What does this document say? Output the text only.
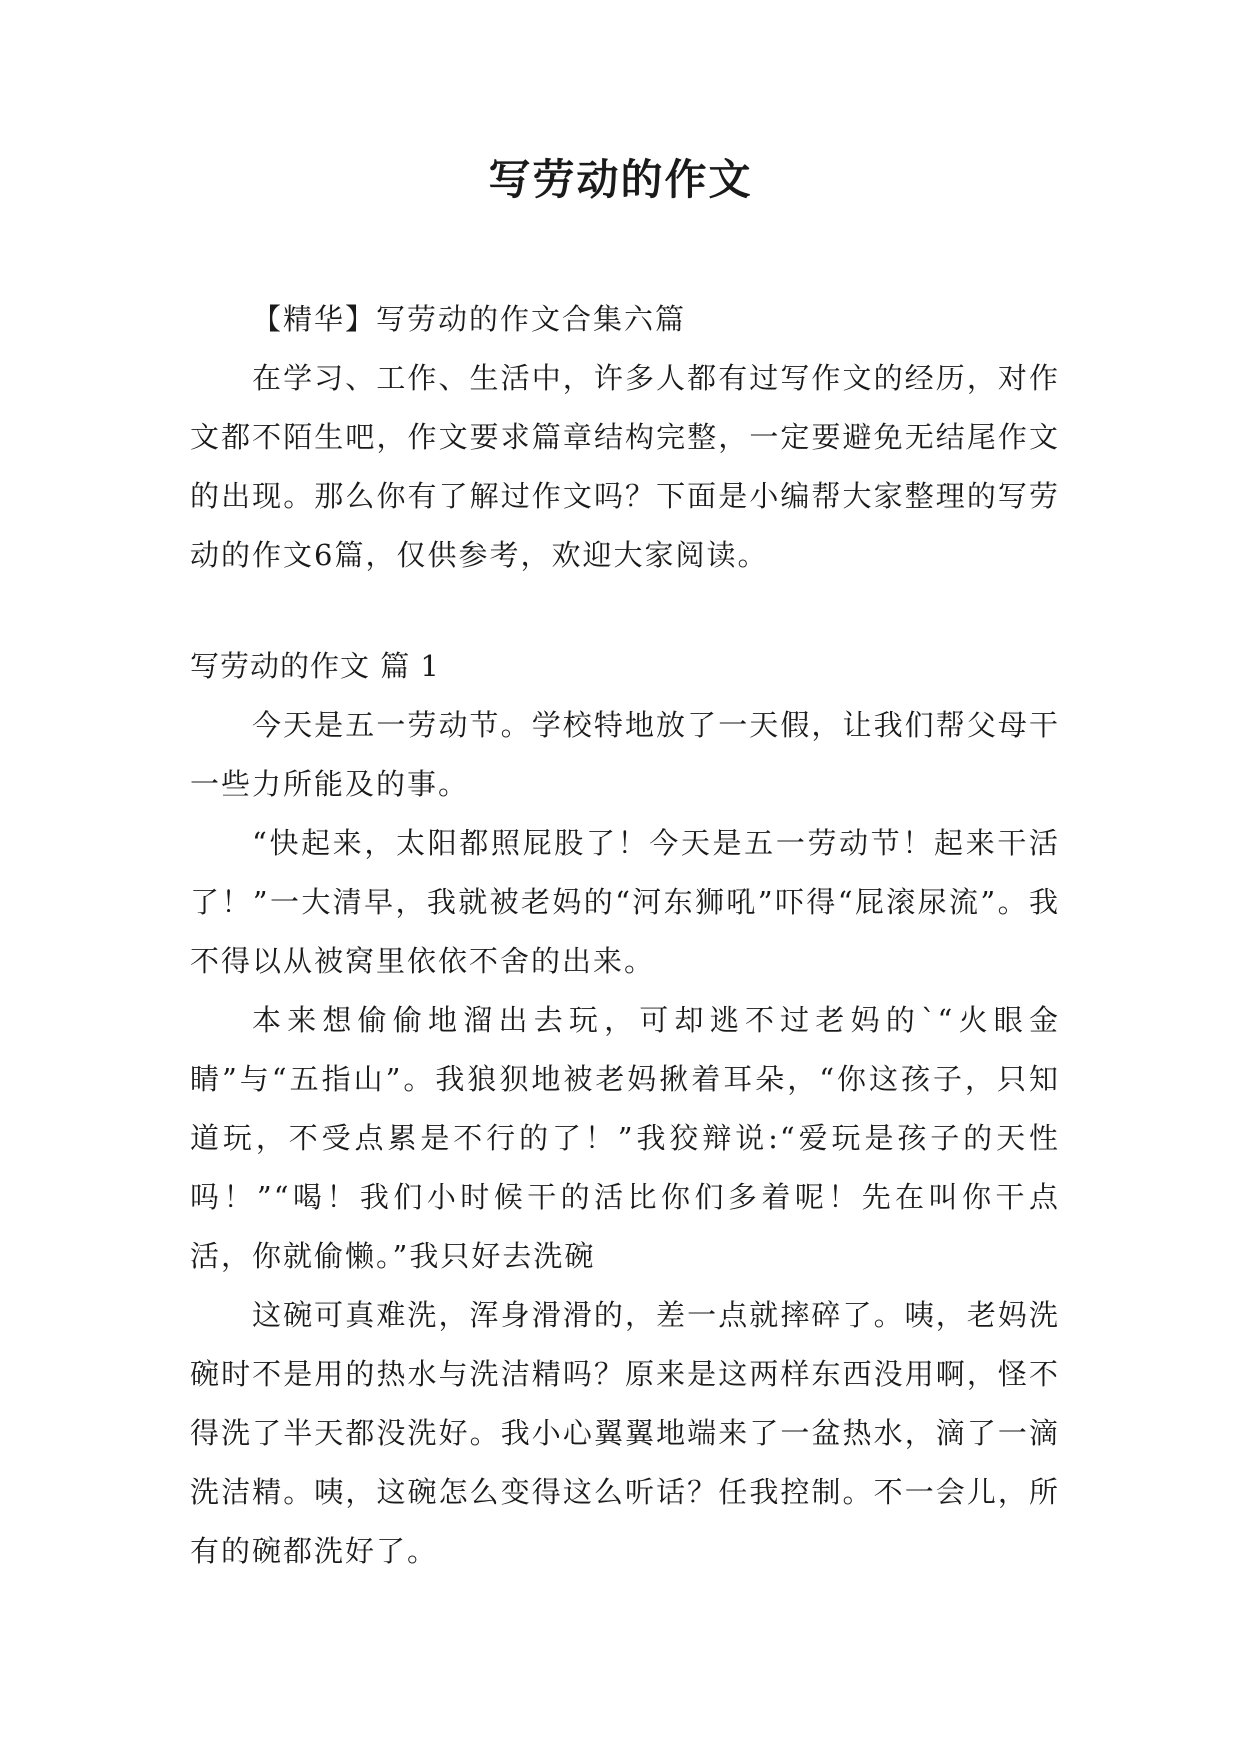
写劳动的作文

【精华】写劳动的作文合集六篇

在学习、工作、生活中，许多人都有过写作文的经历，对作文都不陌生吧，作文要求篇章结构完整，一定要避免无结尾作文的出现。那么你有了解过作文吗？下面是小编帮大家整理的写劳动的作文6篇，仅供参考，欢迎大家阅读。

写劳动的作文 篇 1

今天是五一劳动节。学校特地放了一天假，让我们帮父母干一些力所能及的事。

“快起来，太阳都照屁股了！今天是五一劳动节！起来干活了！”一大清早，我就被老妈的“河东狮吼”吓得“屁滚尿流”。我不得以从被窝里依依不舍的出来。

本来想偷偷地溜出去玩，可却逃不过老妈的`“火眼金睛”与“五指山”。我狼狈地被老妈揪着耳朵，“你这孩子，只知道玩，不受点累是不行的了！”我狡辩说:“爱玩是孩子的天性吗！”“喝！我们小时候干的活比你们多着呢！先在叫你干点活，你就偷懒。”我只好去洗碗

这碗可真难洗，浑身滑滑的，差一点就摔碎了。咦，老妈洗碗时不是用的热水与洗洁精吗？原来是这两样东西没用啊，怪不得洗了半天都没洗好。我小心翼翼地端来了一盆热水，滴了一滴洗洁精。咦，这碗怎么变得这么听话？任我控制。不一会儿，所有的碗都洗好了。
